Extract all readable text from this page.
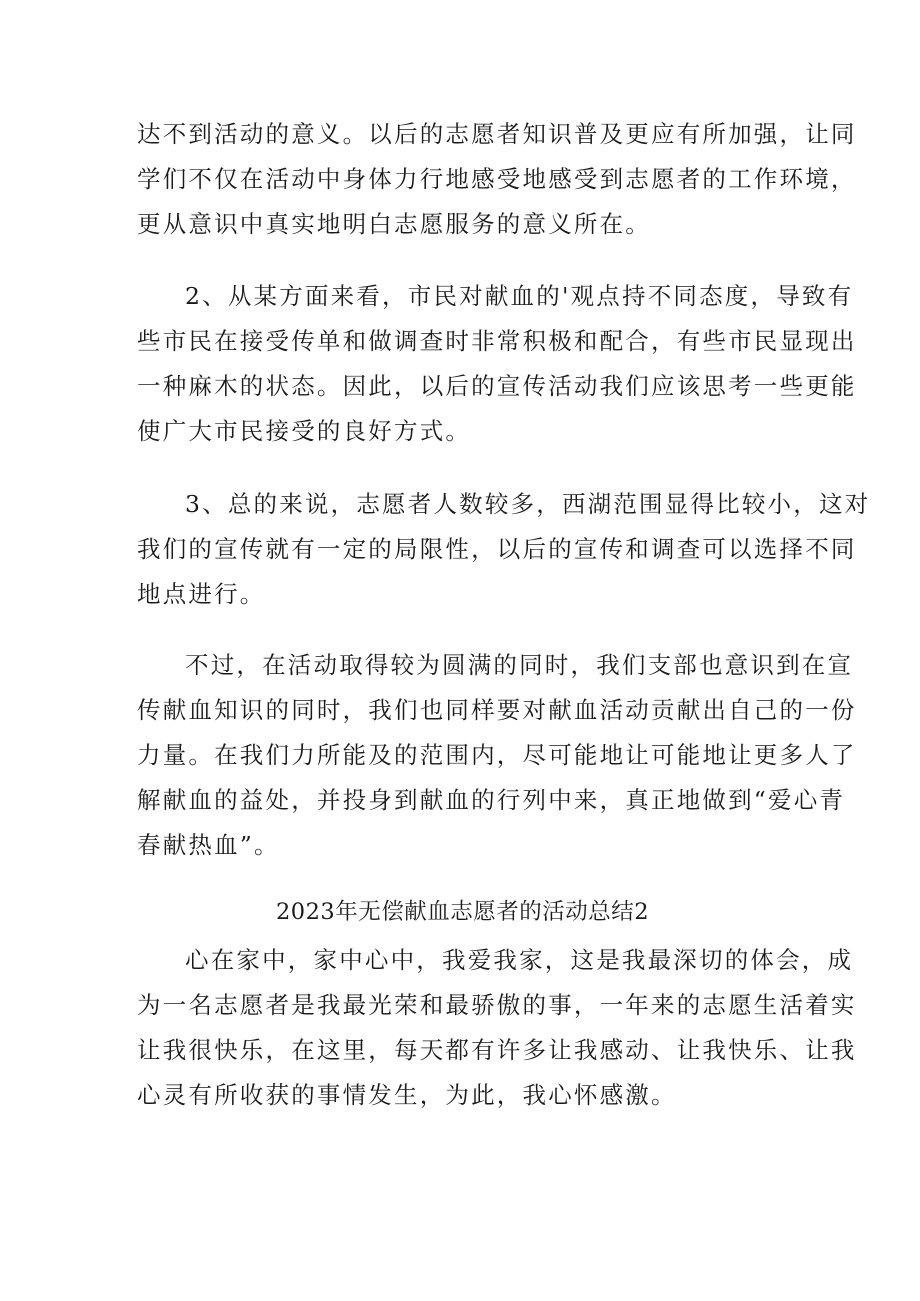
达不到活动的意义。以后的志愿者知识普及更应有所加强，让同
学们不仅在活动中身体力行地感受地感受到志愿者的工作环境，
更从意识中真实地明白志愿服务的意义所在。

2、从某方面来看，市民对献血的'观点持不同态度，导致有
些市民在接受传单和做调查时非常积极和配合，有些市民显现出
一种麻木的状态。因此，以后的宣传活动我们应该思考一些更能
使广大市民接受的良好方式。

3、总的来说，志愿者人数较多，西湖范围显得比较小，这对
我们的宣传就有一定的局限性，以后的宣传和调查可以选择不同
地点进行。

不过，在活动取得较为圆满的同时，我们支部也意识到在宣
传献血知识的同时，我们也同样要对献血活动贡献出自己的一份
力量。在我们力所能及的范围内，尽可能地让可能地让更多人了
解献血的益处，并投身到献血的行列中来，真正地做到“爱心青
春献热血”。

2023年无偿献血志愿者的活动总结2

心在家中，家中心中，我爱我家，这是我最深切的体会，成
为一名志愿者是我最光荣和最骄傲的事，一年来的志愿生活着实
让我很快乐，在这里，每天都有许多让我感动、让我快乐、让我
心灵有所收获的事情发生，为此，我心怀感激。
